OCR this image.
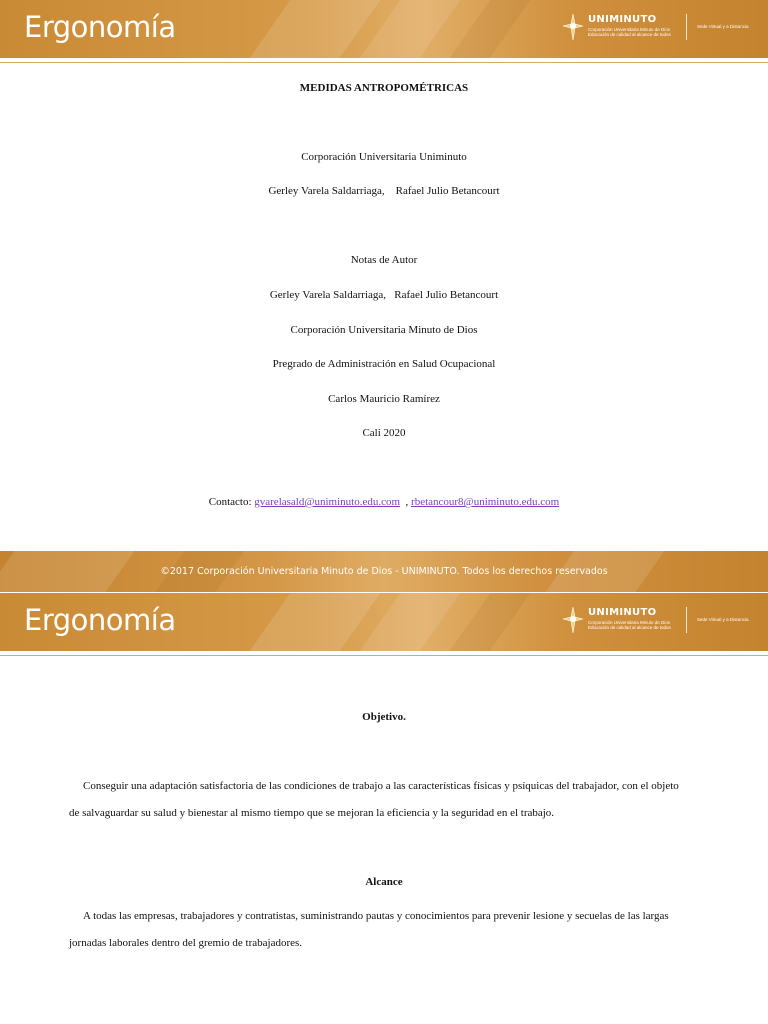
Ergonomía	UNIMINUTO
Corporación Universitaria Minuto de Dios
Educación de calidad al alcance de todos
Sede Virtual y a Distancia
MEDIDAS ANTROPOMÉTRICAS
Corporación Universitaria Uniminuto
Gerley Varela Saldarriaga,    Rafael Julio Betancourt
Notas de Autor
Gerley Varela Saldarriaga,   Rafael Julio Betancourt
Corporación Universitaria Minuto de Dios
Pregrado de Administración en Salud Ocupacional
Carlos Mauricio Ramírez
Cali 2020
Contacto: gvarelasald@uniminuto.edu.com  , rbetancour8@uniminuto.edu.com
©2017 Corporación Universitaria Minuto de Dios - UNIMINUTO. Todos los derechos reservados
Ergonomía	UNIMINUTO
Corporación Universitaria Minuto de Dios
Educación de calidad al alcance de todos
Sede Virtual y a Distancia
Objetivo.
Conseguir una adaptación satisfactoria de las condiciones de trabajo a las características físicas y psíquicas del trabajador, con el objeto de salvaguardar su salud y bienestar al mismo tiempo que se mejoran la eficiencia y la seguridad en el trabajo.
Alcance
A todas las empresas, trabajadores y contratistas, suministrando pautas y conocimientos para prevenir lesione y secuelas de las largas jornadas laborales dentro del gremio de trabajadores.
